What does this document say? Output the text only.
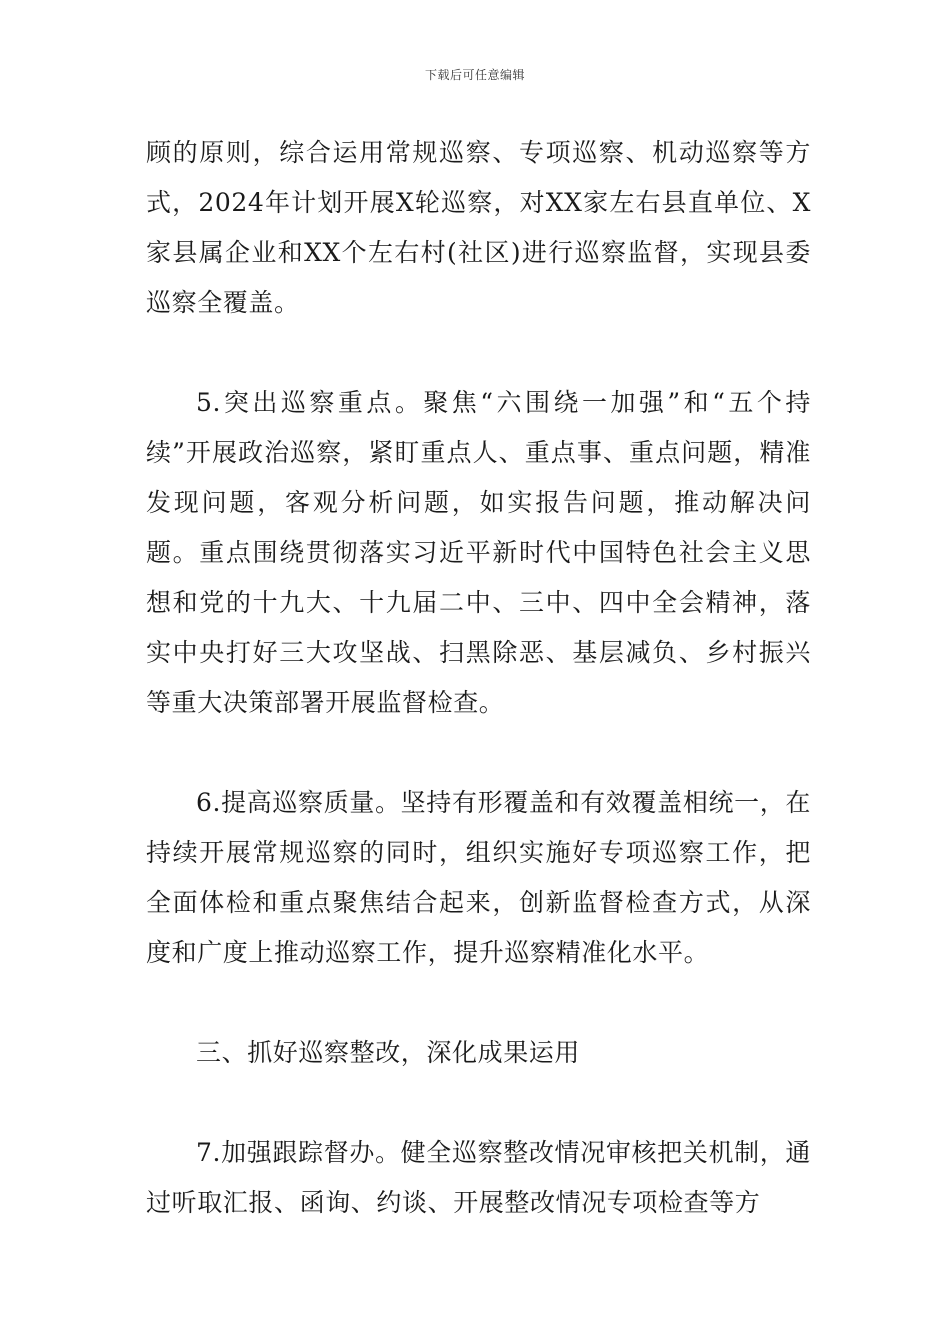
下载后可任意编辑

顾的原则，综合运用常规巡察、专项巡察、机动巡察等方式，2024年计划开展X轮巡察，对XX家左右县直单位、X家县属企业和XX个左右村(社区)进行巡察监督，实现县委巡察全覆盖。

5.突出巡察重点。聚焦“六围绕一加强”和“五个持续”开展政治巡察，紧盯重点人、重点事、重点问题，精准发现问题，客观分析问题，如实报告问题，推动解决问题。重点围绕贯彻落实习近平新时代中国特色社会主义思想和党的十九大、十九届二中、三中、四中全会精神，落实中央打好三大攻坚战、扫黑除恶、基层减负、乡村振兴等重大决策部署开展监督检查。

6.提高巡察质量。坚持有形覆盖和有效覆盖相统一，在持续开展常规巡察的同时，组织实施好专项巡察工作，把全面体检和重点聚焦结合起来，创新监督检查方式，从深度和广度上推动巡察工作，提升巡察精准化水平。

三、抓好巡察整改，深化成果运用

7.加强跟踪督办。健全巡察整改情况审核把关机制，通过听取汇报、函询、约谈、开展整改情况专项检查等方
